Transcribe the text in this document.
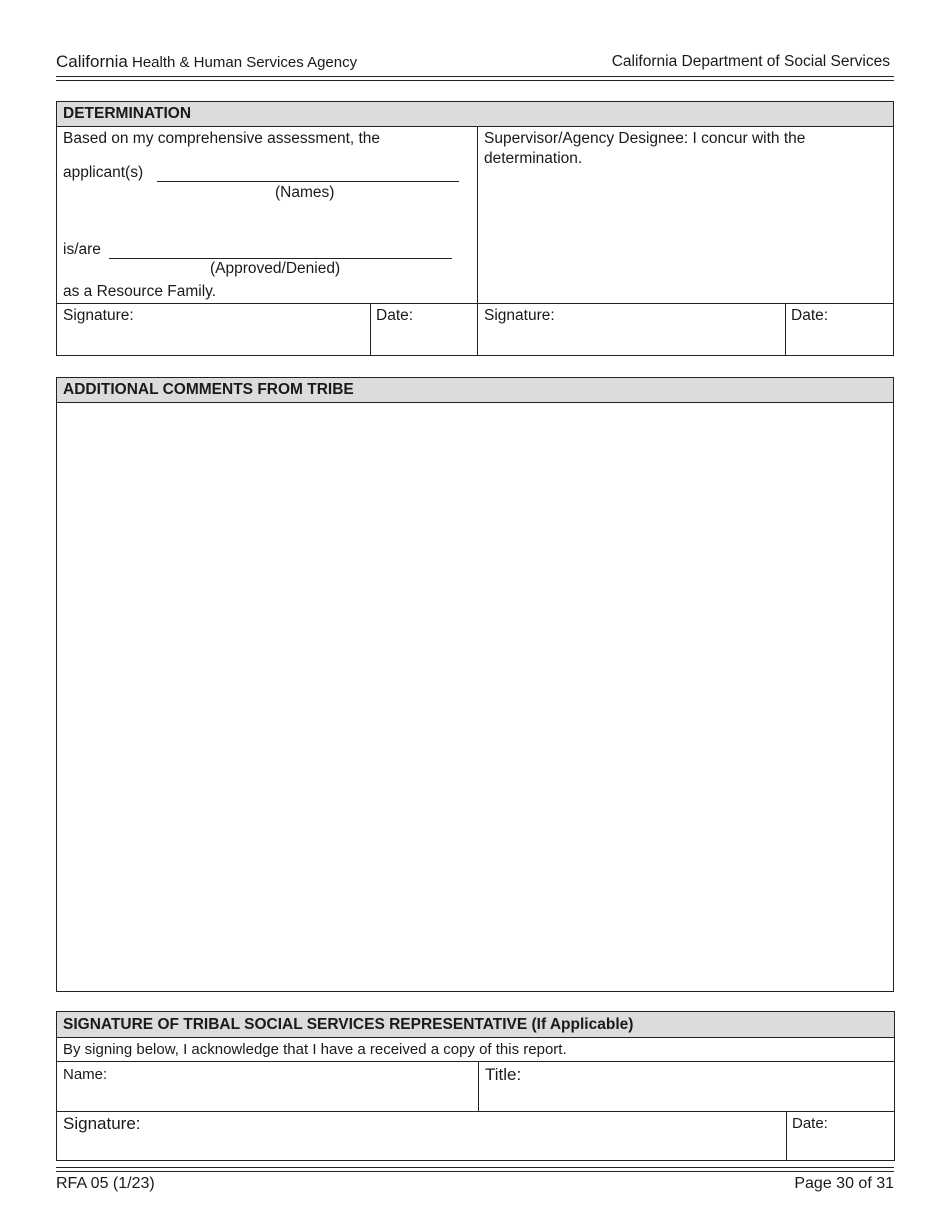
California Health & Human Services Agency	California Department of Social Services
DETERMINATION
Based on my comprehensive assessment, the
applicant(s)
(Names)
is/are
(Approved/Denied)
as a Resource Family.
Supervisor/Agency Designee: I concur with the
determination.
Signature:	Date:	Signature:	Date:
ADDITIONAL COMMENTS FROM TRIBE
SIGNATURE OF TRIBAL SOCIAL SERVICES REPRESENTATIVE (If Applicable)
By signing below, I acknowledge that I have a received a copy of this report.
Name:	Title:
Signature:	Date:
RFA 05 (1/23)	Page 30 of 31
